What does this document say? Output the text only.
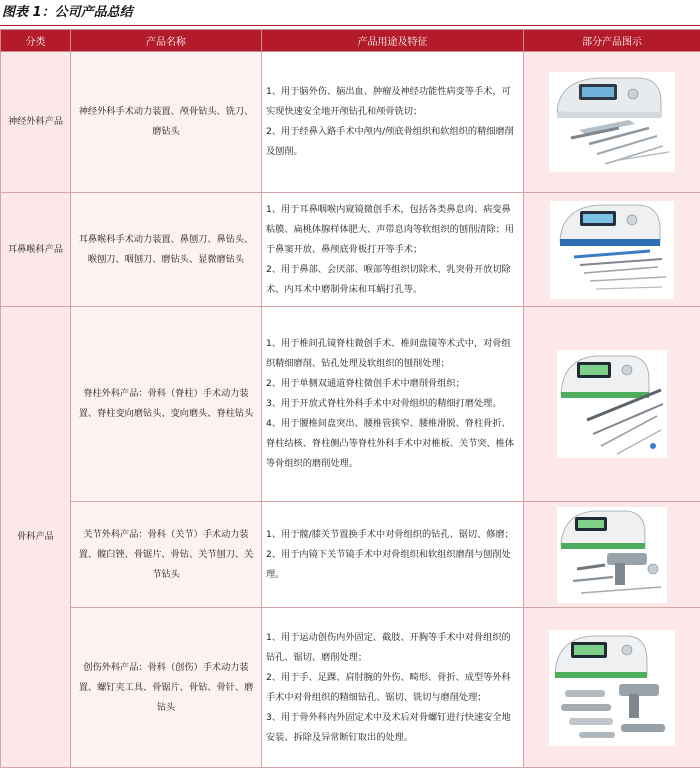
图表 1：公司产品总结
分类	产品名称	产品用途及特征	部分产品图示
神经外科产品	神经外科手术动力装置、颅骨钻头、铣刀、磨钻头	1、用于脑外伤、脑出血、肿瘤及神经功能性病变等手术，可实现快速安全地开颅钻孔和颅骨铣切；

2、用于经鼻入路手术中颅内/颅底骨组织和软组织的精细磨削及刨削。

耳鼻喉科产品	耳鼻喉科手术动力装置、鼻刨刀、鼻钻头、喉刨刀、咽刨刀、磨钻头、显微磨钻头	1、用于耳鼻咽喉内窥镜微创手术，包括各类鼻息肉、病变鼻粘膜、扁桃体腺样体肥大、声带息肉等软组织的刨削清除；用于鼻窦开放、鼻颅底骨板打开等手术；

2、用于鼻部、会厌部、喉部等组织切除术、乳突骨开放切除术、内耳术中磨制骨床和耳蜗打孔等。

骨科产品	脊柱外科产品：骨科（脊柱）手术动力装置、脊柱变向磨钻头、变向磨头、脊柱钻头	1、用于椎间孔镜脊柱微创手术、椎间盘镜等术式中，对骨组织精细磨削、钻孔处理及软组织的刨削处理；

2、用于单侧双通道脊柱微创手术中磨削骨组织；

3、用于开放式脊柱外科手术中对骨组织的精细打磨处理。

4、用于腰椎间盘突出、腰椎管狭窄、腰椎滑脱、脊柱骨折、脊柱结核、脊柱侧凸等脊柱外科手术中对椎板、关节突、椎体等骨组织的磨削处理。

	关节外科产品：骨科（关节）手术动力装置、髋臼锉、骨锯片、骨钻、关节刨刀、关节钻头	1、用于髋/膝关节置换手术中对骨组织的钻孔、锯切、修磨；

2、用于内镜下关节镜手术中对骨组织和软组织磨削与刨削处理。

	创伤外科产品：骨科（创伤）手术动力装置、螺钉夹工具、骨锯片、骨钻、骨针、磨钻头	1、用于运动创伤内外固定、截肢、开胸等手术中对骨组织的钻孔、锯切、磨削处理；

2、用于手、足踝、肩肘腕的外伤、畸形、骨折、成型等外科手术中对骨组织的精细钻孔、锯切、铣切与磨削处理；

3、用于骨外科内外固定术中及术后对骨螺钉进行快速安全地安装、拆除及异常断钉取出的处理。
